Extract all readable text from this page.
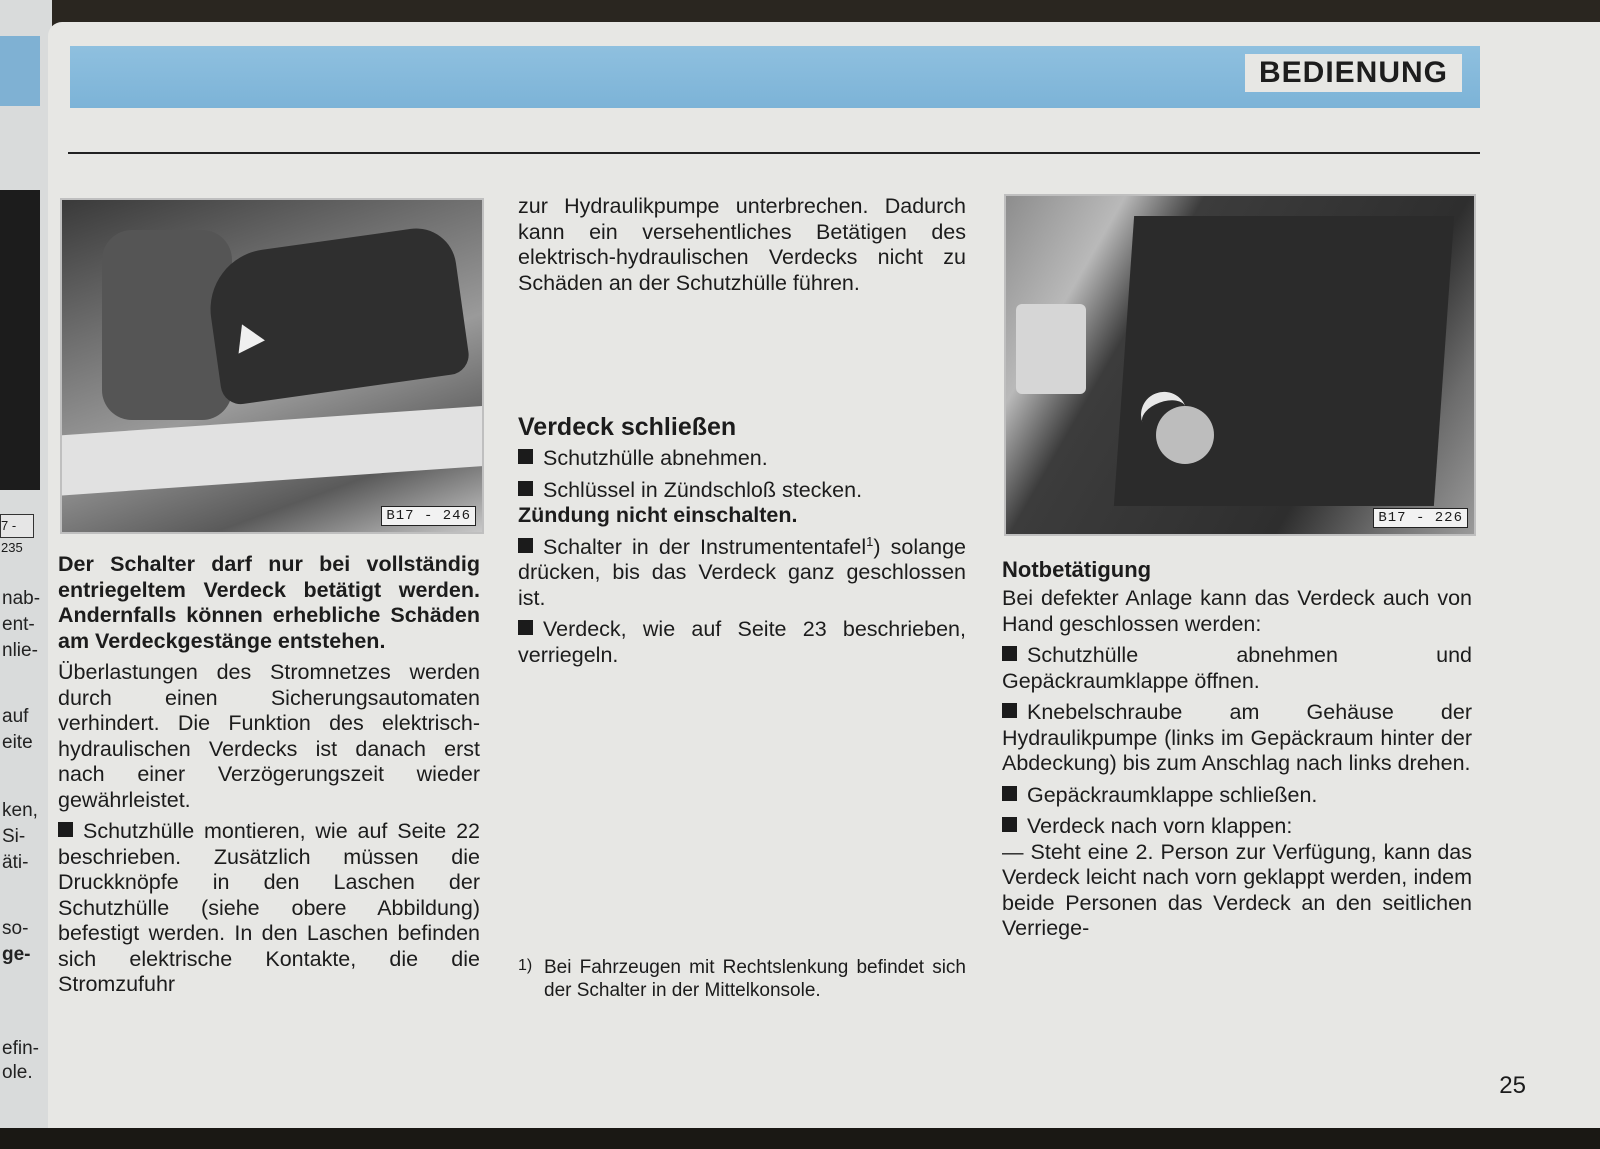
7 - 235
nab-
ent-
nlie-
auf
eite
ken,
Si-
äti-
so-
ge-
efin-
ole.
BEDIENUNG
B17 - 246	B17 - 226

Der Schalter darf nur bei vollständig entriegeltem Verdeck betätigt werden. Andernfalls können erhebliche Schäden am Verdeckgestänge entstehen.

Überlastungen des Stromnetzes werden durch einen Sicherungsautomaten verhindert. Die Funktion des elektrisch-hydraulischen Verdecks ist danach erst nach einer Verzögerungszeit wieder gewährleistet.

Schutzhülle montieren, wie auf Seite 22 beschrieben. Zusätzlich müssen die Druckknöpfe in den Laschen der Schutzhülle (siehe obere Abbildung) befestigt werden. In den Laschen befinden sich elektrische Kontakte, die die Stromzufuhr

zur Hydraulikpumpe unterbrechen. Dadurch kann ein versehentliches Betätigen des elektrisch-hydraulischen Verdecks nicht zu Schäden an der Schutzhülle führen.

Verdeck schließen

Schutzhülle abnehmen.

Schlüssel in Zündschloß stecken.
Zündung nicht einschalten.

Schalter in der Instrumententafel$^1$) solange drücken, bis das Verdeck ganz geschlossen ist.

Verdeck, wie auf Seite 23 beschrieben, verriegeln.

1) Bei Fahrzeugen mit Rechtslenkung befindet sich der Schalter in der Mittelkonsole.
Notbetätigung

Bei defekter Anlage kann das Verdeck auch von Hand geschlossen werden:

Schutzhülle abnehmen und Gepäckraumklappe öffnen.

Knebelschraube am Gehäuse der Hydraulikpumpe (links im Gepäckraum hinter der Abdeckung) bis zum Anschlag nach links drehen.

Gepäckraumklappe schließen.

Verdeck nach vorn klappen:

— Steht eine 2. Person zur Verfügung, kann das Verdeck leicht nach vorn geklappt werden, indem beide Personen das Verdeck an den seitlichen Verriege-

25
